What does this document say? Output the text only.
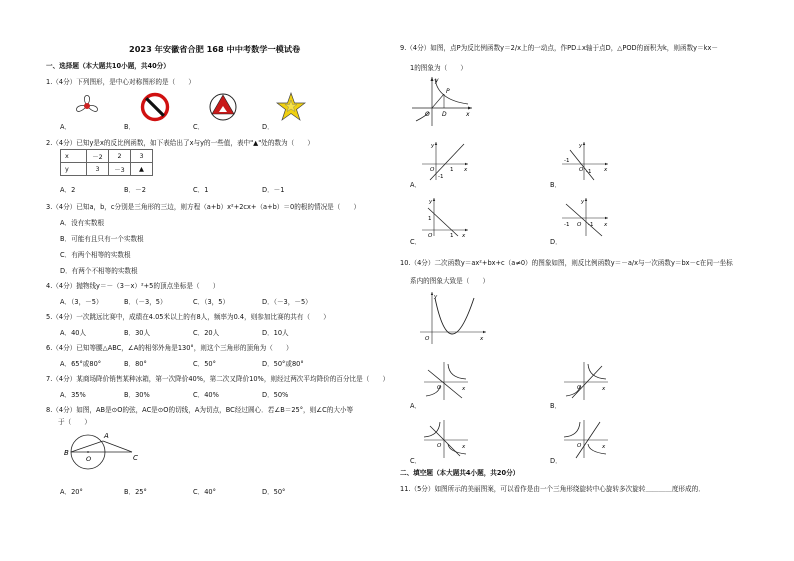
2023 年安徽省合肥 168 中中考数学一模试卷
一、选择题（本大题共10小题，共40分）
1.（4分）下列图形，是中心对称图形的是（　　）
A．	B．	C．	D．
2.（4分）已知y是x的反比例函数，如下表给出了x与y的一些值，表中"▲"处的数为（　　）
x	－2	2	3
y	3	－3	▲
A．2	B．－2	C．1	D．－1
3.（4分）已知a，b，c分别是三角形的三边，则方程（a+b）x²+2cx+（a+b）＝0的根的情况是（　　）
A．没有实数根
B．可能有且只有一个实数根
C．有两个相等的实数根
D．有两个不相等的实数根
4.（4分）抛物线y＝－（3－x）²+5的顶点坐标是（　　）
A．（3，－5）	B．（－3，5）	C．（3，5）	D．（－3，－5）
5.（4分）一次跳远比赛中，成绩在4.05米以上的有8人，频率为0.4，则参加比赛的共有（　　）
A．40人	B．30人	C．20人	D．10人
6.（4分）已知等腰△ABC，∠A的相邻外角是130°，则这个三角形的顶角为（　　）
A．65°或80°	B．80°	C．50°	D．50°或80°
7.（4分）某商场降价销售某种冰箱，第一次降价40%，第二次又降价10%，则经过两次平均降价的百分比是（　　）
A．35%	B．30%	C．40%	D．50%
8.（4分）如图，AB是⊙O的弦，AC是⊙O的切线，A为切点，BC经过圆心．若∠B＝25°，则∠C的大小等
于（　　）
A
B
C
O
A．20°	B．25°	C．40°	D．50°
9.（4分）如图，点P为反比例函数y＝2/x上的一动点，作PD⊥x轴于点D，△POD的面积为k，则函数y＝kx－
1的图象为（　　）
y
P
O D	x
y
O	1
-1
x
y
-1
O -1 x
A．	B．
y
1
O	1 x
y
-1 O -1 x
C．	D．
10.（4分）二次函数y＝ax²+bx+c（a≠0）的图象如图，则反比例函数y＝－a/x与一次函数y＝bx－c在同一坐标
系内的图象大致是（　　）
y
O	x
O	x	O	x
A．	B．
O	x	O	x
C．	D．
二、填空题（本大题共4小题，共20分）
11.（5分）如图所示的美丽图案，可以看作是由一个三角形绕旋转中心旋转多次旋转＿＿＿＿度形成的．
